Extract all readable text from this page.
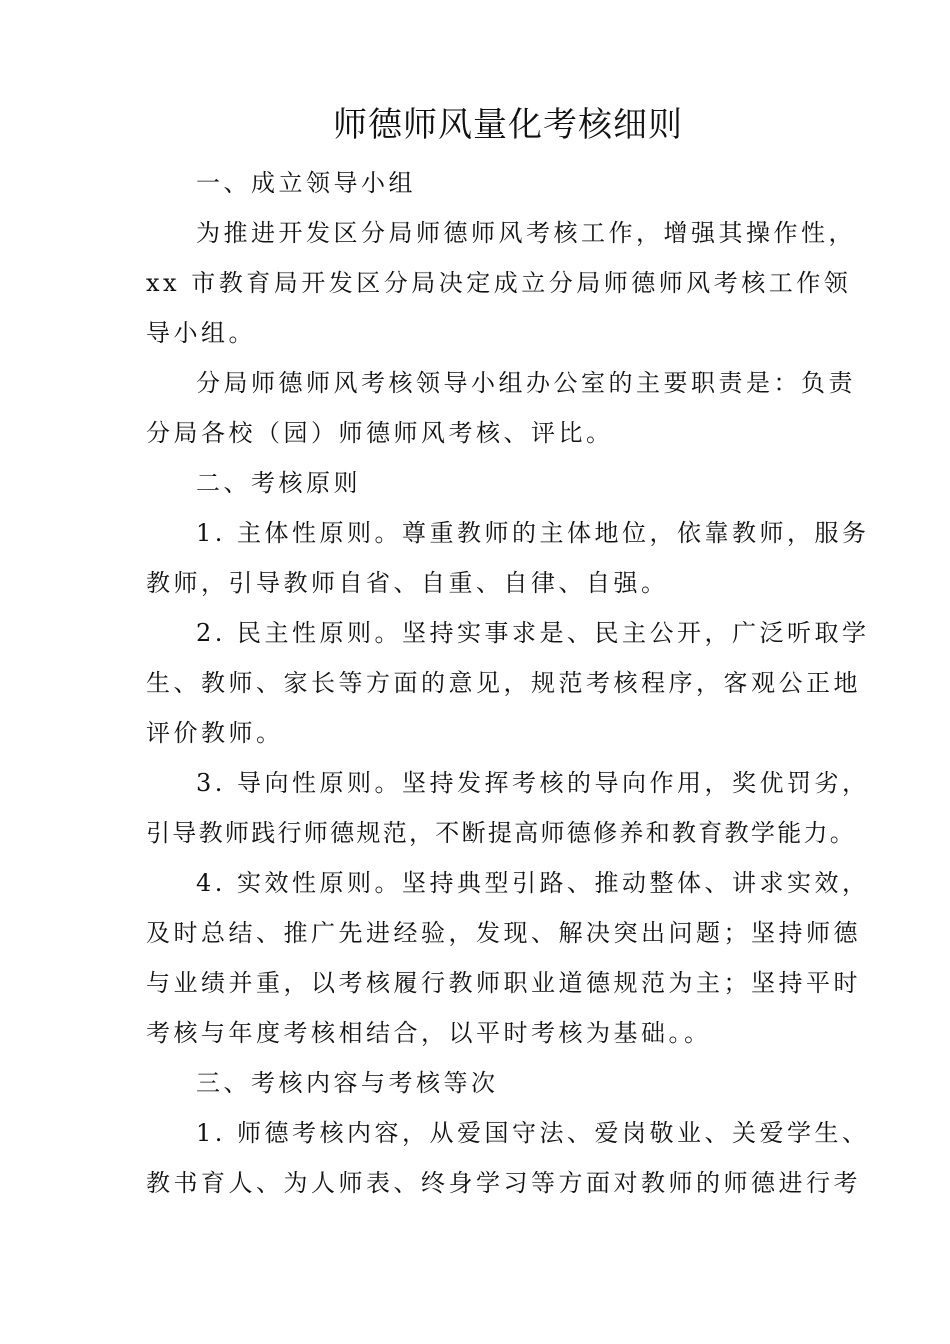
师德师风量化考核细则
一、成立领导小组
为推进开发区分局师德师风考核工作，增强其操作性，
xx 市教育局开发区分局决定成立分局师德师风考核工作领
导小组。
分局师德师风考核领导小组办公室的主要职责是：负责
分局各校（园）师德师风考核、评比。
二、考核原则
1. 主体性原则。尊重教师的主体地位，依靠教师，服务
教师，引导教师自省、自重、自律、自强。
2. 民主性原则。坚持实事求是、民主公开，广泛听取学
生、教师、家长等方面的意见，规范考核程序，客观公正地
评价教师。
3. 导向性原则。坚持发挥考核的导向作用，奖优罚劣，
引导教师践行师德规范，不断提高师德修养和教育教学能力。
4. 实效性原则。坚持典型引路、推动整体、讲求实效，
及时总结、推广先进经验，发现、解决突出问题；坚持师德
与业绩并重，以考核履行教师职业道德规范为主；坚持平时
考核与年度考核相结合，以平时考核为基础。。
三、考核内容与考核等次
1. 师德考核内容，从爱国守法、爱岗敬业、关爱学生、
教书育人、为人师表、终身学习等方面对教师的师德进行考
